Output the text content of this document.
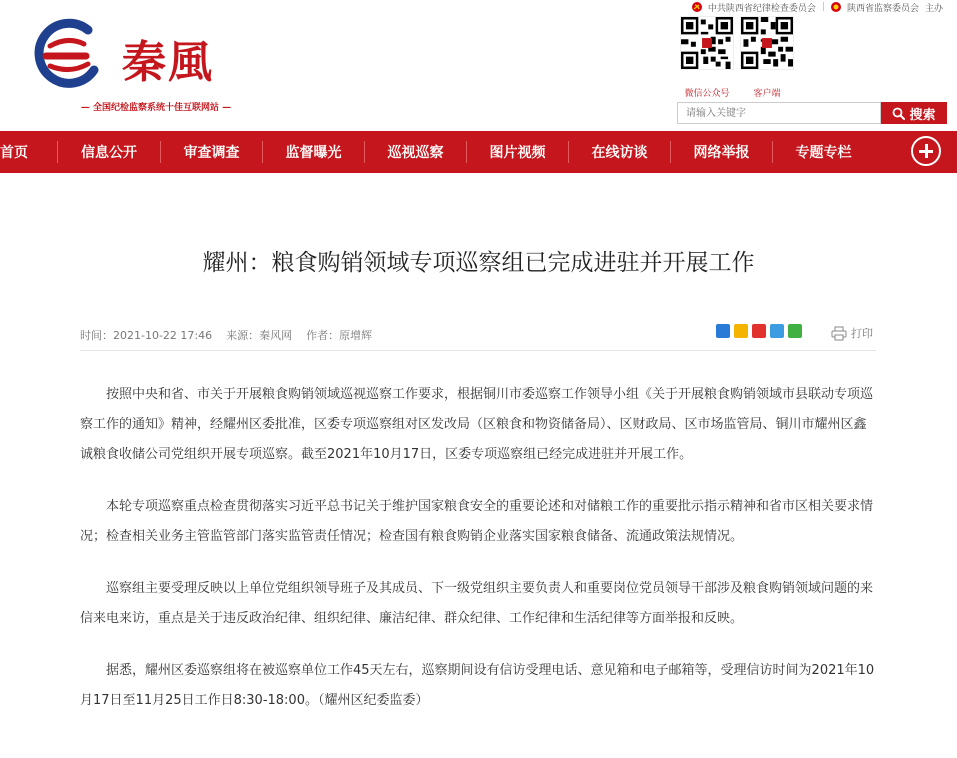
中共陕西省纪律检查委员会 | 陕西省监察委员会 主办
秦風
— 全国纪检监察系统十佳互联网站 —
微信公众号	客户端
请输入关键字
搜索
首页	信息公开	审查调查	监督曝光	巡视巡察	图片视频	在线访谈	网络举报	专题专栏
耀州：粮食购销领域专项巡察组已完成进驻并开展工作
时间：2021-10-22 17:46 来源：秦风网 作者：原增辉	打印

按照中央和省、市关于开展粮食购销领域巡视巡察工作要求，根据铜川市委巡察工作领导小组《关于开展粮食购销领域市县联动专项巡察工作的通知》精神，经耀州区委批准，区委专项巡察组对区发改局（区粮食和物资储备局）、区财政局、区市场监管局、铜川市耀州区鑫诚粮食收储公司党组织开展专项巡察。截至2021年10月17日，区委专项巡察组已经完成进驻并开展工作。

本轮专项巡察重点检查贯彻落实习近平总书记关于维护国家粮食安全的重要论述和对储粮工作的重要批示指示精神和省市区相关要求情况；检查相关业务主管监管部门落实监管责任情况；检查国有粮食购销企业落实国家粮食储备、流通政策法规情况。

巡察组主要受理反映以上单位党组织领导班子及其成员、下一级党组织主要负责人和重要岗位党员领导干部涉及粮食购销领域问题的来信来电来访，重点是关于违反政治纪律、组织纪律、廉洁纪律、群众纪律、工作纪律和生活纪律等方面举报和反映。

据悉，耀州区委巡察组将在被巡察单位工作45天左右，巡察期间设有信访受理电话、意见箱和电子邮箱等，受理信访时间为2021年10月17日至11月25日工作日8:30-18:00。（耀州区纪委监委）
